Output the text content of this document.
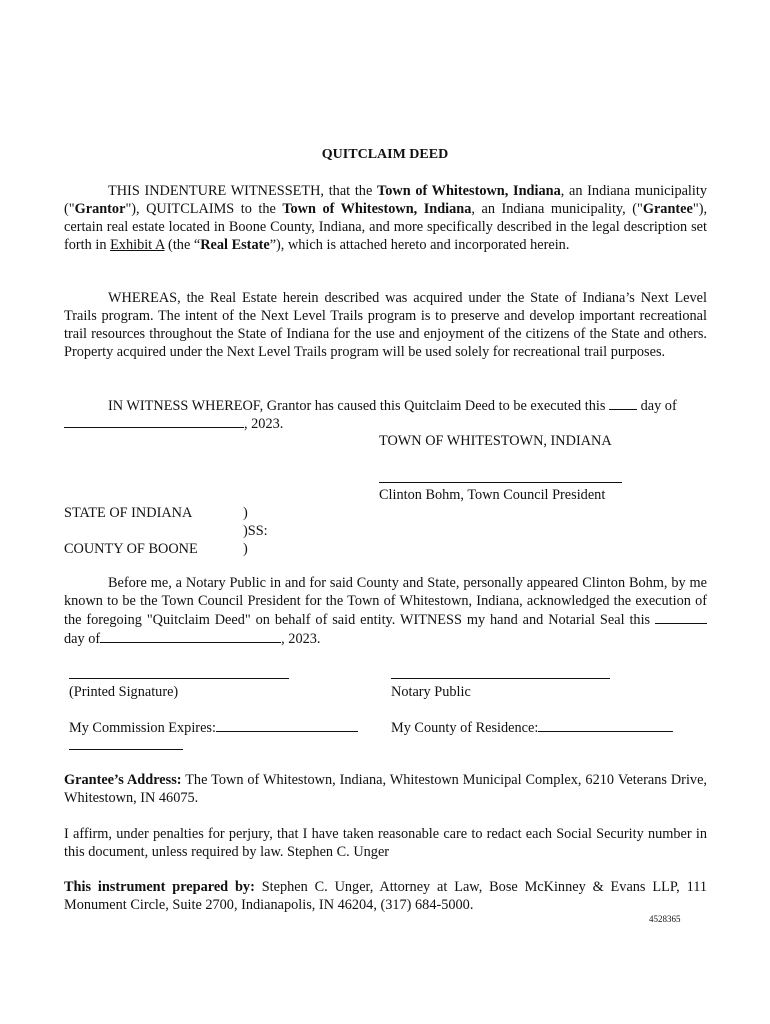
QUITCLAIM DEED
THIS INDENTURE WITNESSETH, that the Town of Whitestown, Indiana, an Indiana municipality ("Grantor"), QUITCLAIMS to the Town of Whitestown, Indiana, an Indiana municipality, ("Grantee"), certain real estate located in Boone County, Indiana, and more specifically described in the legal description set forth in Exhibit A (the “Real Estate”), which is attached hereto and incorporated herein.
WHEREAS, the Real Estate herein described was acquired under the State of Indiana’s Next Level Trails program. The intent of the Next Level Trails program is to preserve and develop important recreational trail resources throughout the State of Indiana for the use and enjoyment of the citizens of the State and others. Property acquired under the Next Level Trails program will be used solely for recreational trail purposes.
IN WITNESS WHEREOF, Grantor has caused this Quitclaim Deed to be executed this day of
, 2023.
TOWN OF WHITESTOWN, INDIANA
Clinton Bohm, Town Council President
STATE OF INDIANA	)
)SS:
COUNTY OF BOONE	)
Before me, a Notary Public in and for said County and State, personally appeared Clinton Bohm, by me known to be the Town Council President for the Town of Whitestown, Indiana, acknowledged the execution of the foregoing "Quitclaim Deed" on behalf of said entity. WITNESS my hand and Notarial Seal this  day of	, 2023.
(Printed Signature)	Notary Public
My Commission Expires:	My County of Residence:
Grantee’s Address: The Town of Whitestown, Indiana, Whitestown Municipal Complex, 6210 Veterans Drive, Whitestown, IN 46075.
I affirm, under penalties for perjury, that I have taken reasonable care to redact each Social Security number in this document, unless required by law. Stephen C. Unger
This instrument prepared by: Stephen C. Unger, Attorney at Law, Bose McKinney & Evans LLP, 111 Monument Circle, Suite 2700, Indianapolis, IN 46204, (317) 684-5000.
4528365
